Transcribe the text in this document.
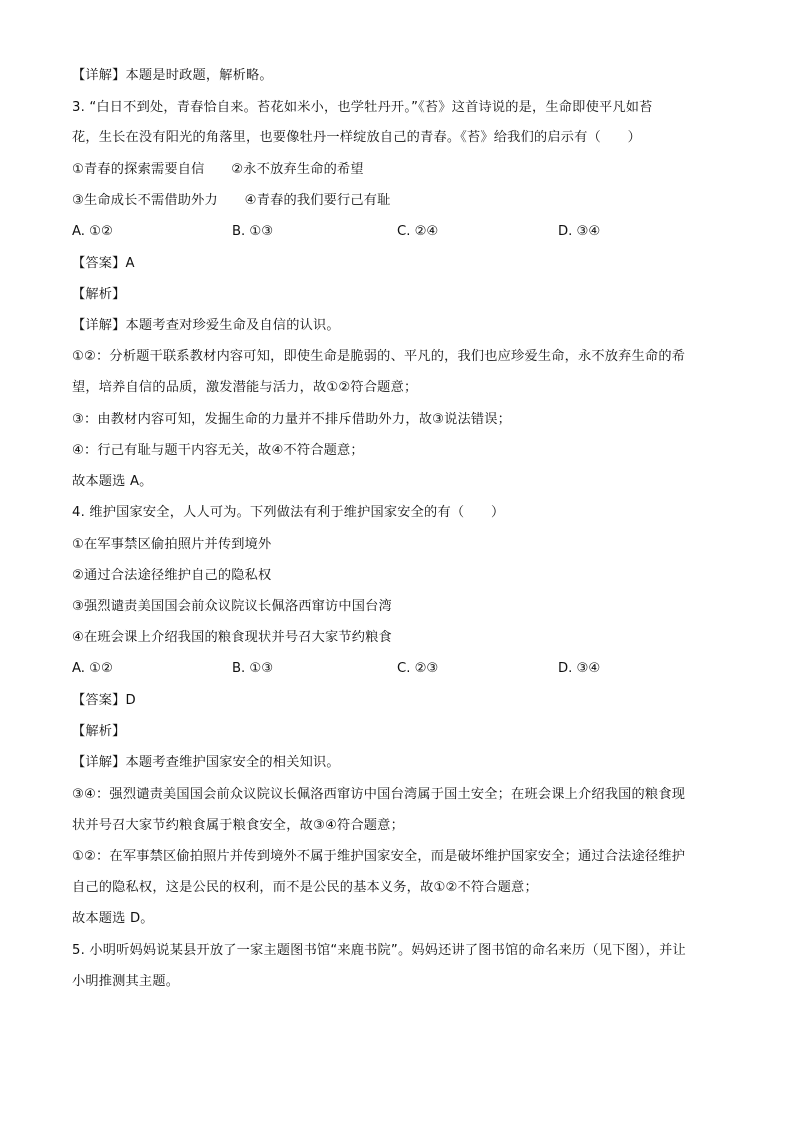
【详解】本题是时政题，解析略。
3. “白日不到处，青春恰自来。苔花如米小，也学牡丹开。”《苔》这首诗说的是，生命即使平凡如苔
花，生长在没有阳光的角落里，也要像牡丹一样绽放自己的青春。《苔》给我们的启示有（　　）
①青春的探索需要自信　　②永不放弃生命的希望
③生命成长不需借助外力　　④青春的我们要行己有耻
A. ①②	B. ①③	C. ②④	D. ③④
【答案】A
【解析】
【详解】本题考查对珍爱生命及自信的认识。
①②：分析题干联系教材内容可知，即使生命是脆弱的、平凡的，我们也应珍爱生命，永不放弃生命的希
望，培养自信的品质，激发潜能与活力，故①②符合题意；
③：由教材内容可知，发掘生命的力量并不排斥借助外力，故③说法错误；
④：行己有耻与题干内容无关，故④不符合题意；
故本题选 A。
4. 维护国家安全，人人可为。下列做法有利于维护国家安全的有（　　）
①在军事禁区偷拍照片并传到境外
②通过合法途径维护自己的隐私权
③强烈谴责美国国会前众议院议长佩洛西窜访中国台湾
④在班会课上介绍我国的粮食现状并号召大家节约粮食
A. ①②	B. ①③	C. ②③	D. ③④
【答案】D
【解析】
【详解】本题考查维护国家安全的相关知识。
③④：强烈谴责美国国会前众议院议长佩洛西窜访中国台湾属于国土安全；在班会课上介绍我国的粮食现
状并号召大家节约粮食属于粮食安全，故③④符合题意；
①②：在军事禁区偷拍照片并传到境外不属于维护国家安全，而是破坏维护国家安全；通过合法途径维护
自己的隐私权，这是公民的权利，而不是公民的基本义务，故①②不符合题意；
故本题选 D。
5. 小明听妈妈说某县开放了一家主题图书馆“来鹿书院”。妈妈还讲了图书馆的命名来历（见下图），并让
小明推测其主题。
